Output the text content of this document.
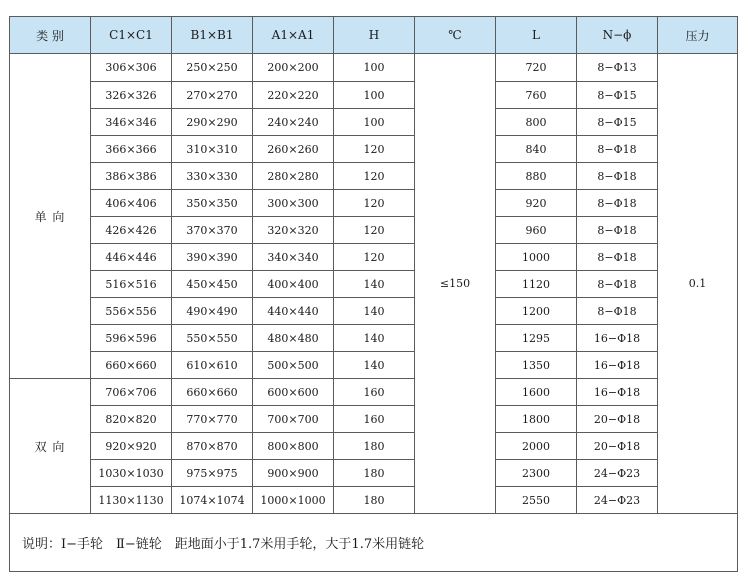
类 别	C1×C1	B1×B1	A1×A1	H	℃	L	N−ϕ	压力
单 向	306×306	250×250	200×200	100	≤150	720	8−Φ13	0.1
	326×326	270×270	220×220	100		760	8−Φ15	
	346×346	290×290	240×240	100		800	8−Φ15	
	366×366	310×310	260×260	120		840	8−Φ18	
	386×386	330×330	280×280	120		880	8−Φ18	
	406×406	350×350	300×300	120		920	8−Φ18	
	426×426	370×370	320×320	120		960	8−Φ18	
	446×446	390×390	340×340	120		1000	8−Φ18	
	516×516	450×450	400×400	140		1120	8−Φ18	
	556×556	490×490	440×440	140		1200	8−Φ18	
	596×596	550×550	480×480	140		1295	16−Φ18	
	660×660	610×610	500×500	140		1350	16−Φ18	
双 向	706×706	660×660	600×600	160		1600	16−Φ18	
	820×820	770×770	700×700	160		1800	20−Φ18	
	920×920	870×870	800×800	180		2000	20−Φ18	
	1030×1030	975×975	900×900	180		2300	24−Φ23	
	1130×1130	1074×1074	1000×1000	180		2550	24−Φ23	
说明：Ⅰ−手轮　Ⅱ−链轮　距地面小于1.7米用手轮，大于1.7米用链轮								
